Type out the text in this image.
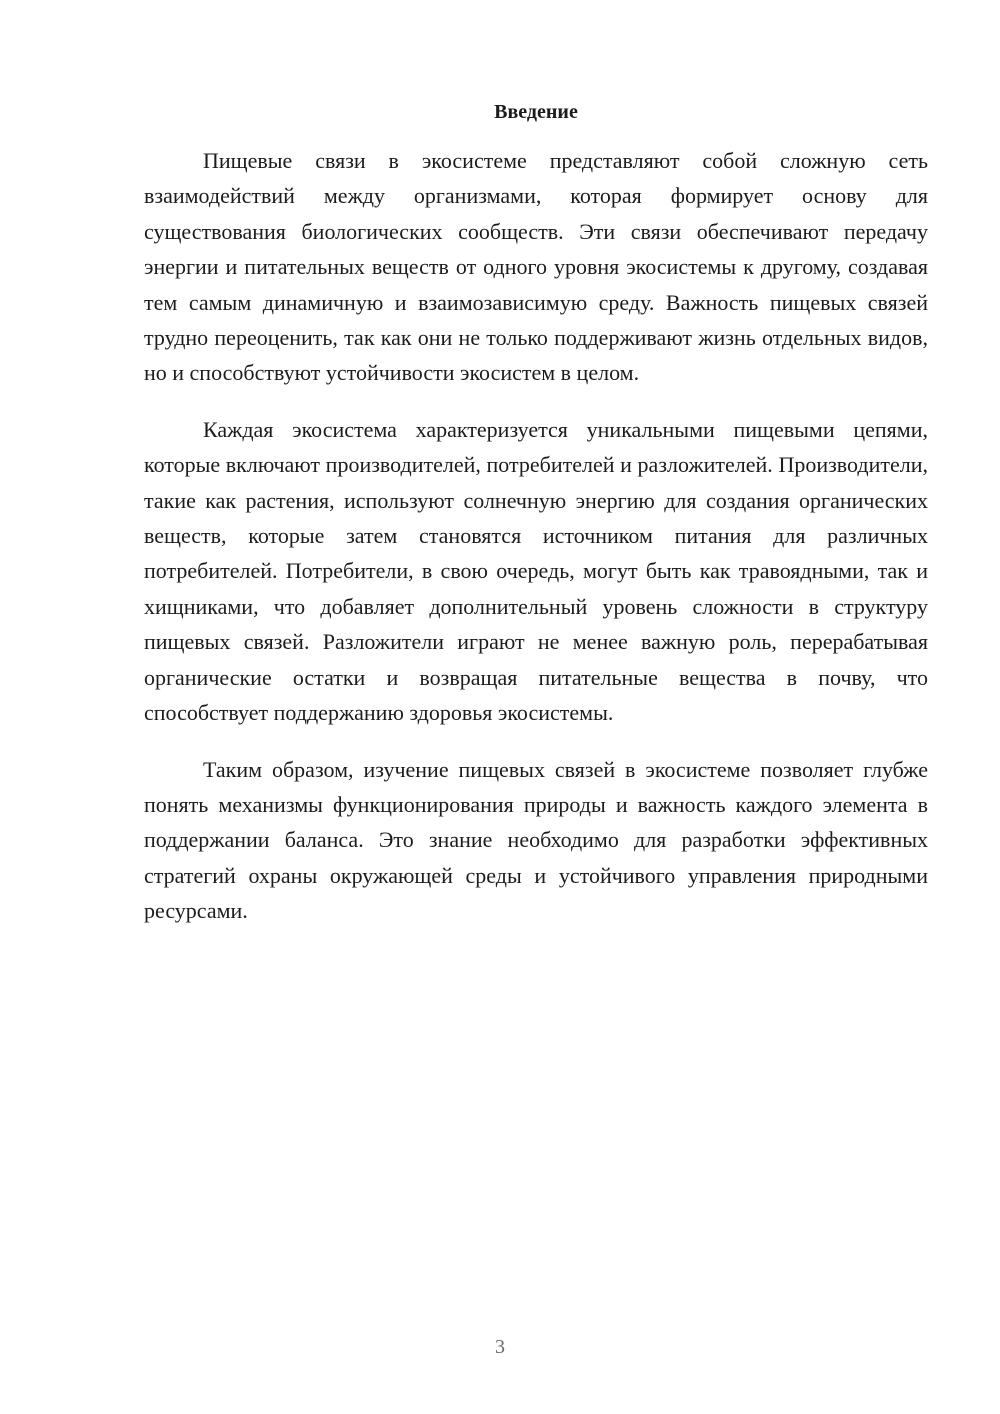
Введение

Пищевые связи в экосистеме представляют собой сложную сеть взаимодействий между организмами, которая формирует основу для существования биологических сообществ. Эти связи обеспечивают передачу энергии и питательных веществ от одного уровня экосистемы к другому, создавая тем самым динамичную и взаимозависимую среду. Важность пищевых связей трудно переоценить, так как они не только поддерживают жизнь отдельных видов, но и способствуют устойчивости экосистем в целом.

Каждая экосистема характеризуется уникальными пищевыми цепями, которые включают производителей, потребителей и разложителей. Производители, такие как растения, используют солнечную энергию для создания органических веществ, которые затем становятся источником питания для различных потребителей. Потребители, в свою очередь, могут быть как травоядными, так и хищниками, что добавляет дополнительный уровень сложности в структуру пищевых связей. Разложители играют не менее важную роль, перерабатывая органические остатки и возвращая питательные вещества в почву, что способствует поддержанию здоровья экосистемы.

Таким образом, изучение пищевых связей в экосистеме позволяет глубже понять механизмы функционирования природы и важность каждого элемента в поддержании баланса. Это знание необходимо для разработки эффективных стратегий охраны окружающей среды и устойчивого управления природными ресурсами.

3
